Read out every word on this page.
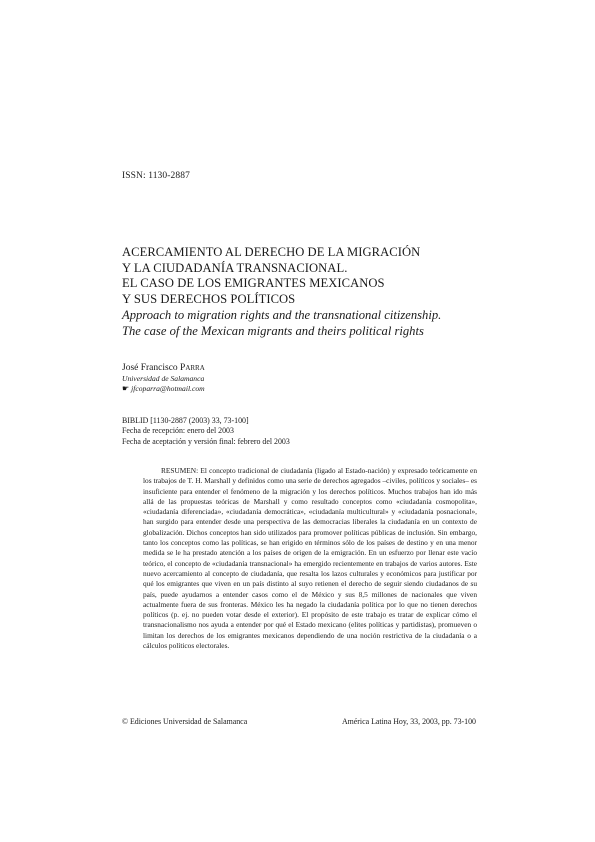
ISSN: 1130-2887
ACERCAMIENTO AL DERECHO DE LA MIGRACIÓN
Y LA CIUDADANÍA TRANSNACIONAL.
EL CASO DE LOS EMIGRANTES MEXICANOS
Y SUS DERECHOS POLÍTICOS
Approach to migration rights and the transnational citizenship.
The case of the Mexican migrants and theirs political rights
José Francisco Parra
Universidad de Salamanca
☛ jfcoparra@hotmail.com
BIBLID [1130-2887 (2003) 33, 73-100]
Fecha de recepción: enero del 2003
Fecha de aceptación y versión final: febrero del 2003

RESUMEN: El concepto tradicional de ciudadanía (ligado al Estado-nación) y expresado teóricamente en los trabajos de T. H. Marshall y definidos como una serie de derechos agregados –civiles, políticos y sociales– es insuficiente para entender el fenómeno de la migración y los derechos políticos. Muchos trabajos han ido más allá de las propuestas teóricas de Marshall y como resultado conceptos como «ciudadanía cosmopolita», «ciudadanía diferenciada», «ciudadanía democrática», «ciudadanía multicultural» y «ciudadanía posnacional», han surgido para entender desde una perspectiva de las democracias liberales la ciudadanía en un contexto de globalización. Dichos conceptos han sido utilizados para promover políticas públicas de inclusión. Sin embargo, tanto los conceptos como las políticas, se han erigido en términos sólo de los países de destino y en una menor medida se le ha prestado atención a los países de origen de la emigración. En un esfuerzo por llenar este vacío teórico, el concepto de «ciudadanía transnacional» ha emergido recientemente en trabajos de varios autores. Este nuevo acercamiento al concepto de ciudadanía, que resalta los lazos culturales y económicos para justificar por qué los emigrantes que viven en un país distinto al suyo retienen el derecho de seguir siendo ciudadanos de su país, puede ayudarnos a entender casos como el de México y sus 8,5 millones de nacionales que viven actualmente fuera de sus fronteras. México les ha negado la ciudadanía política por lo que no tienen derechos políticos (p. ej. no pueden votar desde el exterior). El propósito de este trabajo es tratar de explicar cómo el transnacionalismo nos ayuda a entender por qué el Estado mexicano (elites políticas y partidistas), promueven o limitan los derechos de los emigrantes mexicanos dependiendo de una noción restrictiva de la ciudadanía o a cálculos políticos electorales.

© Ediciones Universidad de Salamanca	América Latina Hoy, 33, 2003, pp. 73-100
